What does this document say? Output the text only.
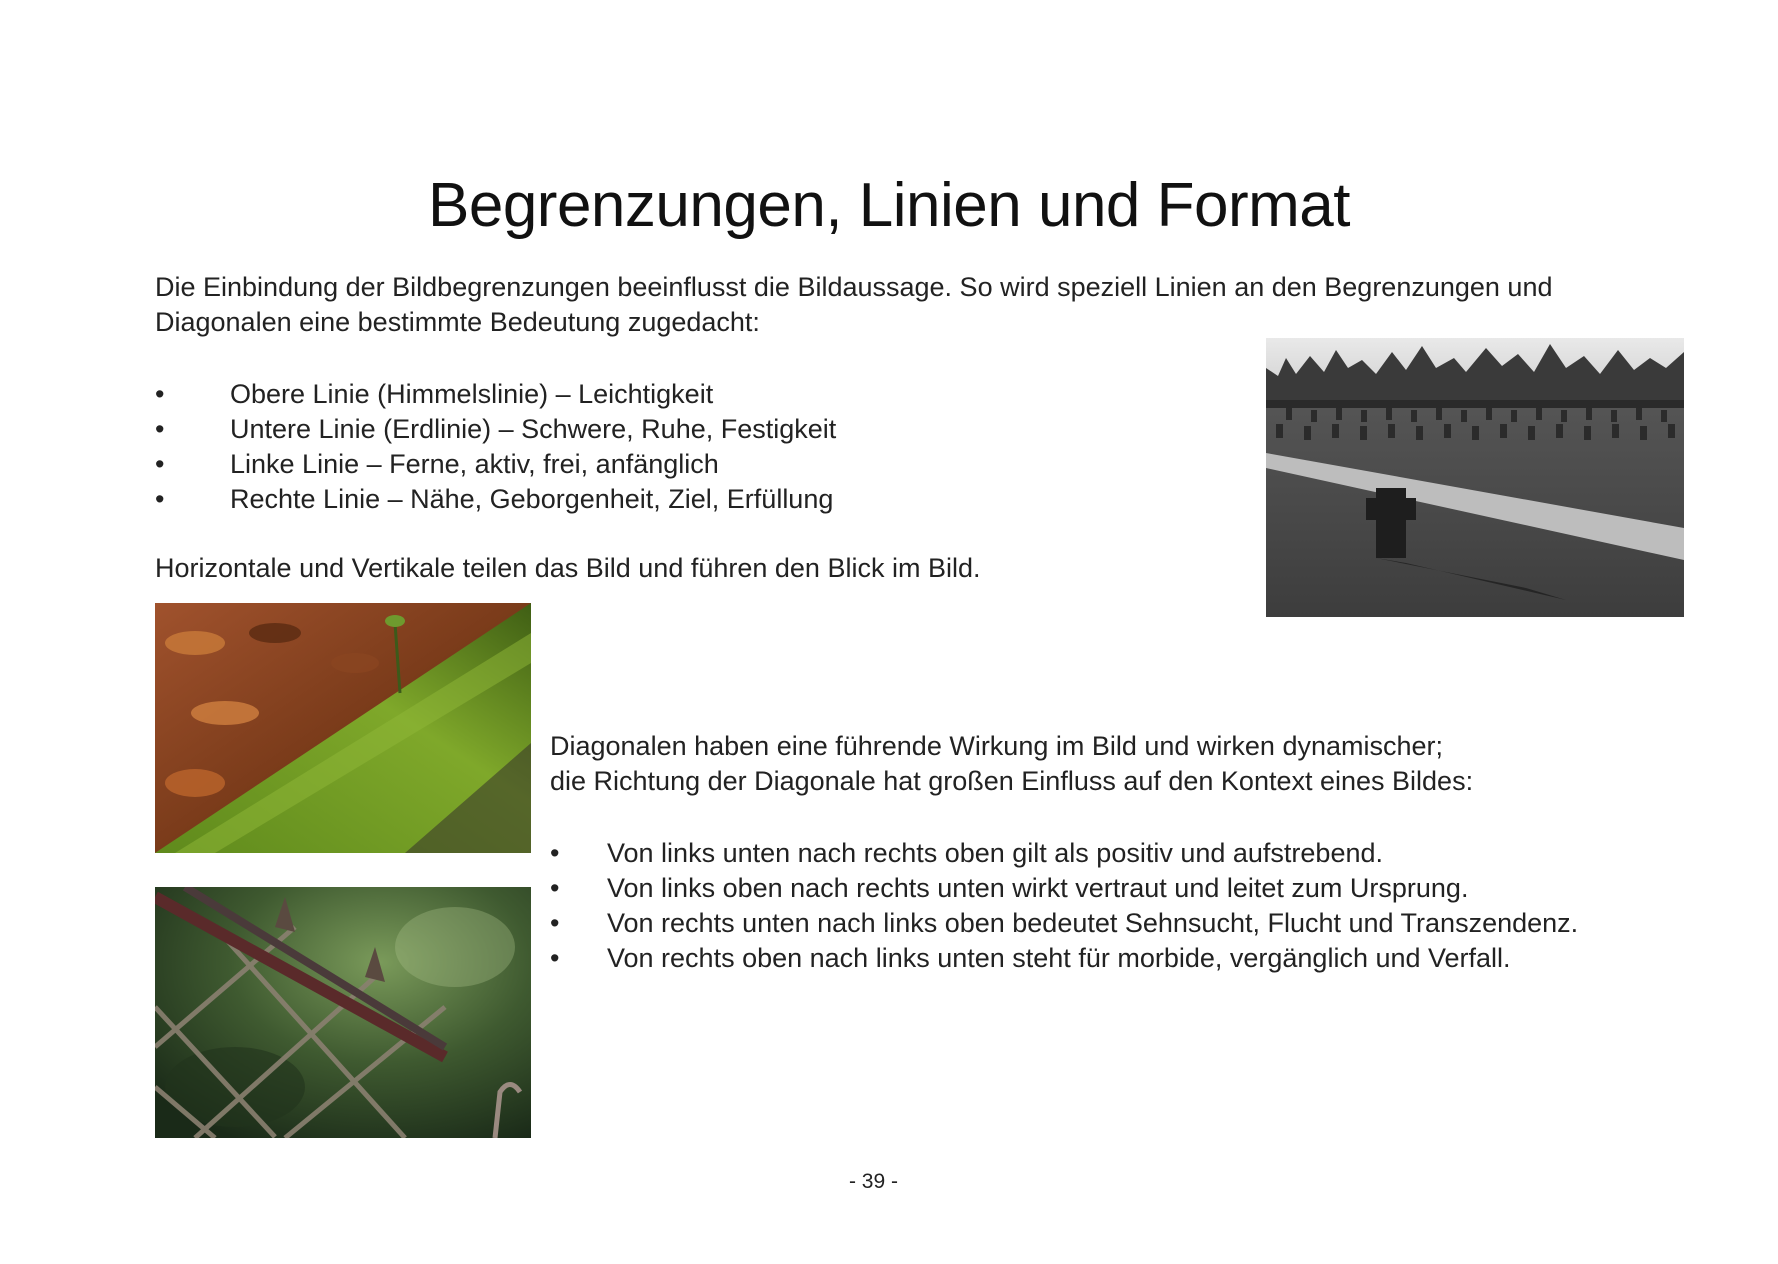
Begrenzungen, Linien und Format
Die Einbindung der Bildbegrenzungen beeinflusst die Bildaussage. So wird speziell Linien an den Begrenzungen und
Diagonalen eine bestimmte Bedeutung zugedacht:
• Obere Linie (Himmelslinie) – Leichtigkeit
• Untere Linie (Erdlinie) – Schwere, Ruhe, Festigkeit
• Linke Linie – Ferne, aktiv, frei, anfänglich
• Rechte Linie – Nähe, Geborgenheit, Ziel, Erfüllung
Horizontale und Vertikale teilen das Bild und führen den Blick im Bild.
Diagonalen haben eine führende Wirkung im Bild und wirken dynamischer;
die Richtung der Diagonale hat großen Einfluss auf den Kontext eines Bildes:
• Von links unten nach rechts oben gilt als positiv und aufstrebend.
• Von links oben nach rechts unten wirkt vertraut und leitet zum Ursprung.
• Von rechts unten nach links oben bedeutet Sehnsucht, Flucht und Transzendenz.
• Von rechts oben nach links unten steht für morbide, vergänglich und Verfall.
- 39 -
